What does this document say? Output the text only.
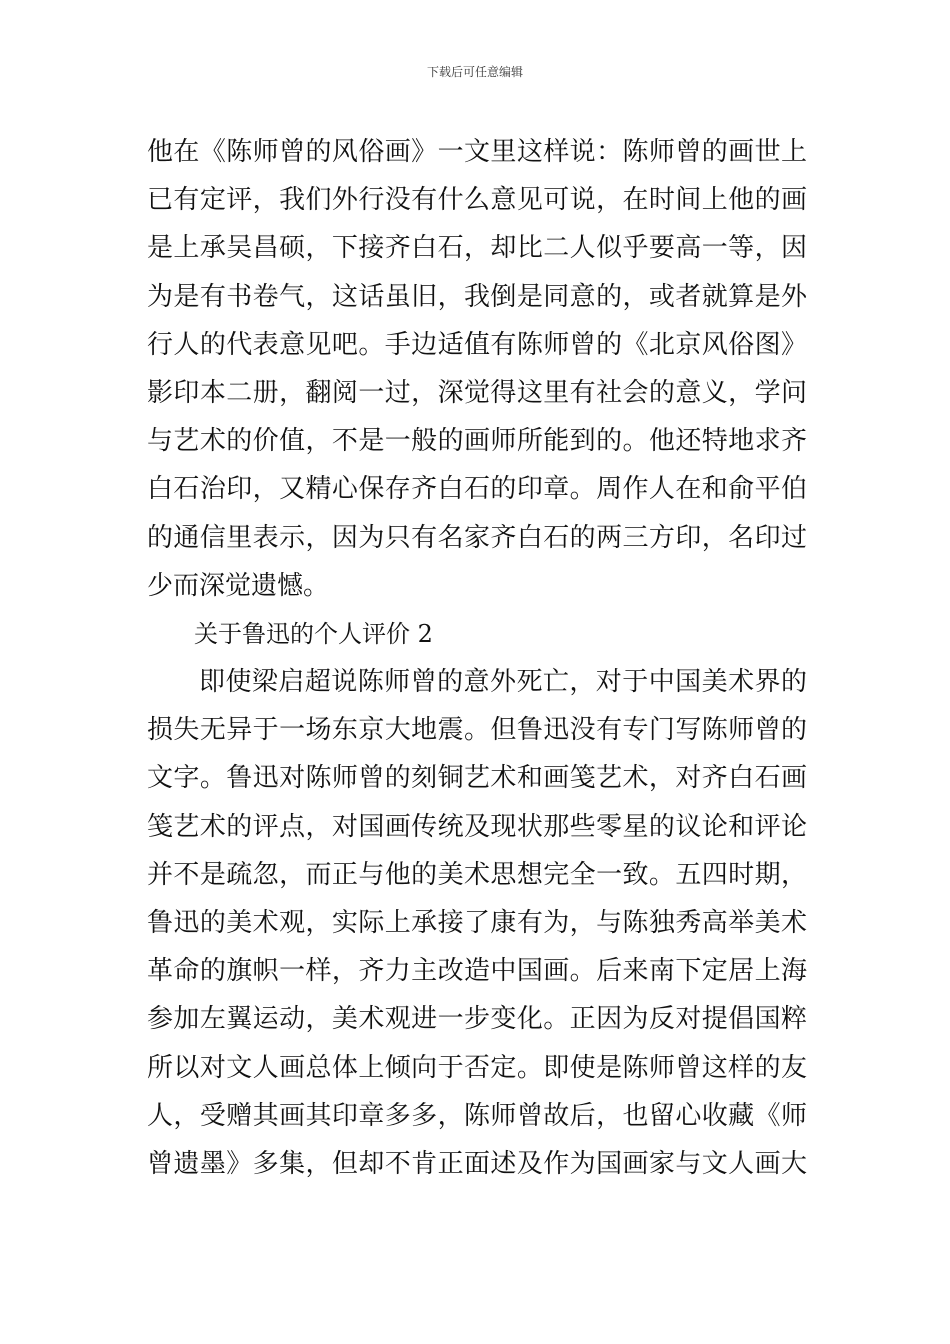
下载后可任意编辑
他在《陈师曾的风俗画》一文里这样说：陈师曾的画世上
已有定评，我们外行没有什么意见可说，在时间上他的画
是上承吴昌硕，下接齐白石，却比二人似乎要高一等，因
为是有书卷气，这话虽旧，我倒是同意的，或者就算是外
行人的代表意见吧。手边适值有陈师曾的《北京风俗图》
影印本二册，翻阅一过，深觉得这里有社会的意义，学问
与艺术的价值，不是一般的画师所能到的。他还特地求齐
白石治印，又精心保存齐白石的印章。周作人在和俞平伯
的通信里表示，因为只有名家齐白石的两三方印，名印过
少而深觉遗憾。
关于鲁迅的个人评价 2
即使梁启超说陈师曾的意外死亡，对于中国美术界的
损失无异于一场东京大地震。但鲁迅没有专门写陈师曾的
文字。鲁迅对陈师曾的刻铜艺术和画笺艺术，对齐白石画
笺艺术的评点，对国画传统及现状那些零星的议论和评论
并不是疏忽，而正与他的美术思想完全一致。五四时期，
鲁迅的美术观，实际上承接了康有为，与陈独秀高举美术
革命的旗帜一样，齐力主改造中国画。后来南下定居上海
参加左翼运动，美术观进一步变化。正因为反对提倡国粹
所以对文人画总体上倾向于否定。即使是陈师曾这样的友
人，受赠其画其印章多多，陈师曾故后，也留心收藏《师
曾遗墨》多集，但却不肯正面述及作为国画家与文人画大
